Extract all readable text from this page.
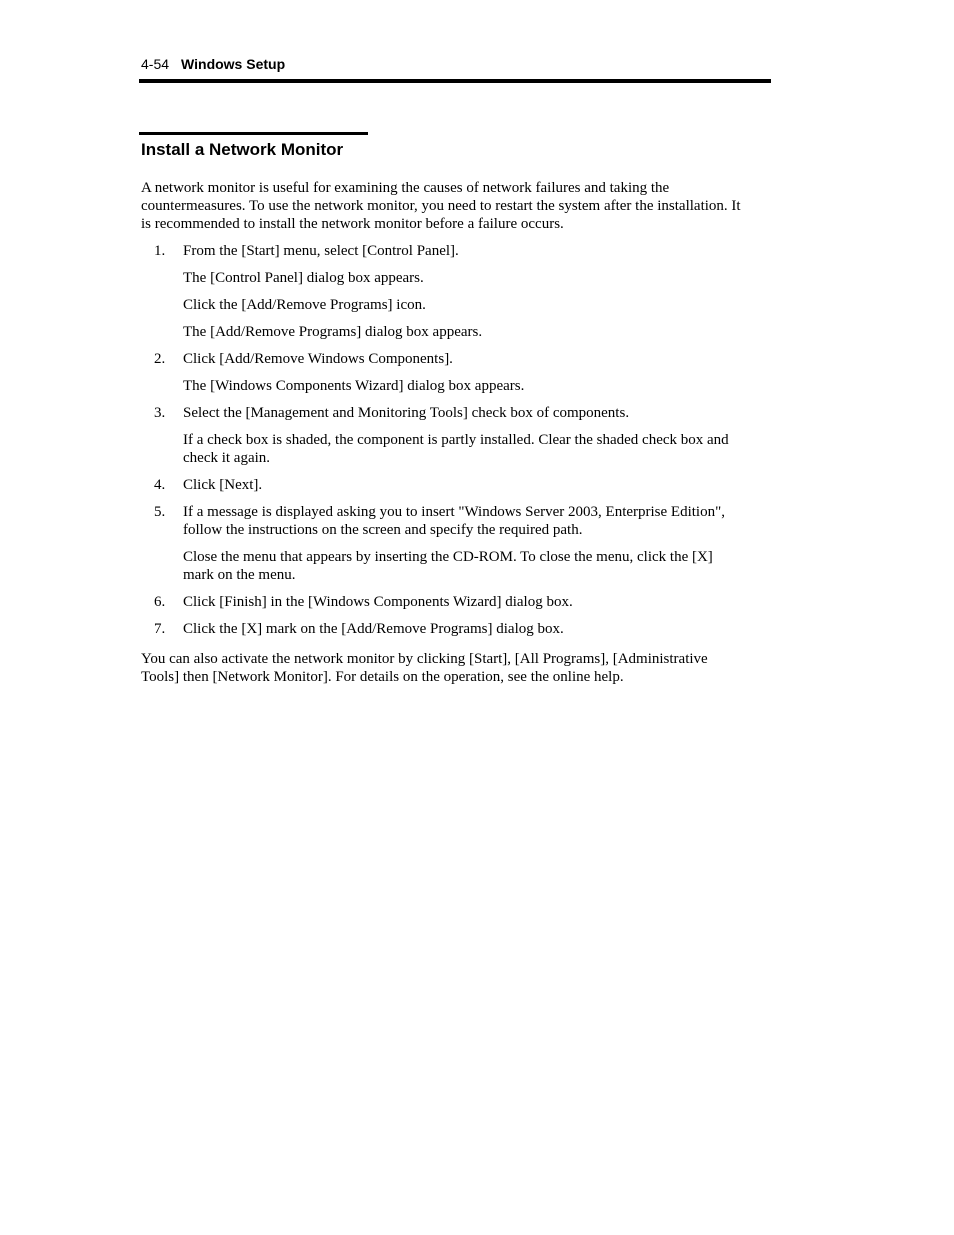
4-54 Windows Setup
Install a Network Monitor

A network monitor is useful for examining the causes of network failures and taking the
countermeasures. To use the network monitor, you need to restart the system after the installation. It
is recommended to install the network monitor before a failure occurs.

1. From the [Start] menu, select [Control Panel].

The [Control Panel] dialog box appears.

Click the [Add/Remove Programs] icon.

The [Add/Remove Programs] dialog box appears.

2. Click [Add/Remove Windows Components].

The [Windows Components Wizard] dialog box appears.

3. Select the [Management and Monitoring Tools] check box of components.

If a check box is shaded, the component is partly installed. Clear the shaded check box and
check it again.

4. Click [Next].

5. If a message is displayed asking you to insert "Windows Server 2003, Enterprise Edition",
follow the instructions on the screen and specify the required path.

Close the menu that appears by inserting the CD-ROM. To close the menu, click the [X]
mark on the menu.

6. Click [Finish] in the [Windows Components Wizard] dialog box.

7. Click the [X] mark on the [Add/Remove Programs] dialog box.

You can also activate the network monitor by clicking [Start], [All Programs], [Administrative
Tools] then [Network Monitor]. For details on the operation, see the online help.
